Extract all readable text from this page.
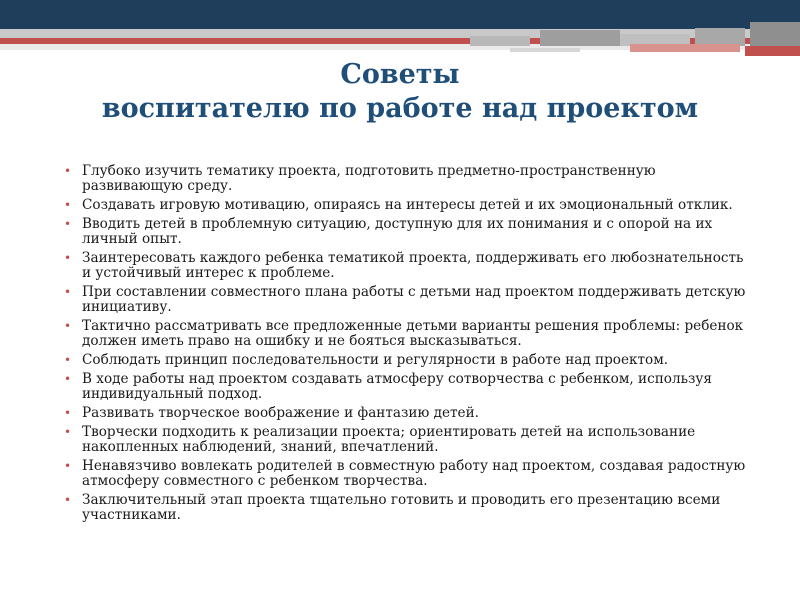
Советы
воспитателю по работе над проектом
• Глубоко изучить тематику проекта, подготовить предметно-пространственную развивающую среду.
• Создавать игровую мотивацию, опираясь на интересы детей и их эмоциональный отклик.
• Вводить детей в проблемную ситуацию, доступную для их понимания и с опорой на их личный опыт.
• Заинтересовать каждого ребенка тематикой проекта, поддерживать его любознательность и устойчивый интерес к проблеме.
• При составлении совместного плана работы с детьми над проектом поддерживать детскую инициативу.
• Тактично рассматривать все предложенные детьми варианты решения проблемы: ребенок должен иметь право на ошибку и не бояться высказываться.
• Соблюдать принцип последовательности и регулярности в работе над проектом.
• В ходе работы над проектом создавать атмосферу сотворчества с ребенком, используя индивидуальный подход.
• Развивать творческое воображение и фантазию детей.
• Творчески подходить к реализации проекта; ориентировать детей на использование накопленных наблюдений, знаний, впечатлений.
• Ненавязчиво вовлекать родителей в совместную работу над проектом, создавая радостную атмосферу совместного с ребенком творчества.
• Заключительный этап проекта тщательно готовить и проводить его презентацию всеми участниками.
